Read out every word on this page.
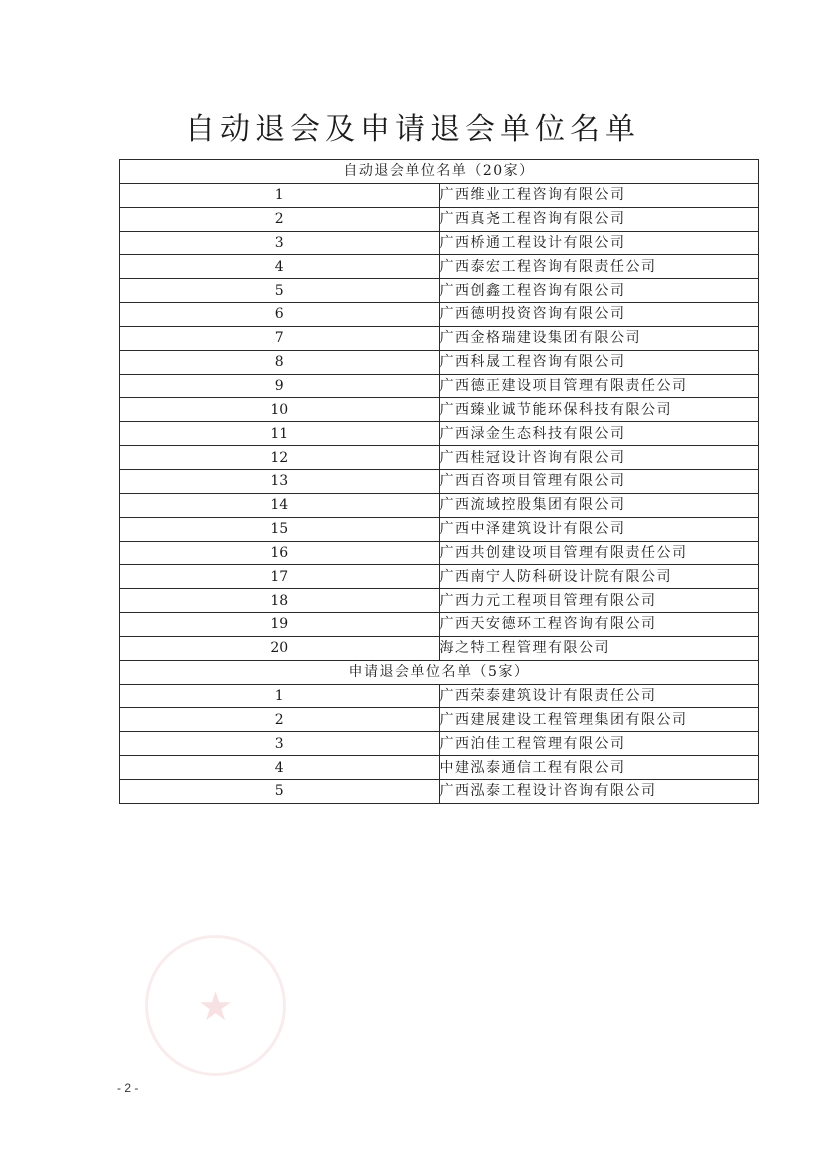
自动退会及申请退会单位名单
自动退会单位名单（20家）	
1	广西维业工程咨询有限公司
2	广西真尧工程咨询有限公司
3	广西桥通工程设计有限公司
4	广西泰宏工程咨询有限责任公司
5	广西创鑫工程咨询有限公司
6	广西德明投资咨询有限公司
7	广西金格瑞建设集团有限公司
8	广西科晟工程咨询有限公司
9	广西德正建设项目管理有限责任公司
10	广西臻业诚节能环保科技有限公司
11	广西渌金生态科技有限公司
12	广西桂冠设计咨询有限公司
13	广西百咨项目管理有限公司
14	广西流域控股集团有限公司
15	广西中泽建筑设计有限公司
16	广西共创建设项目管理有限责任公司
17	广西南宁人防科研设计院有限公司
18	广西力元工程项目管理有限公司
19	广西天安德环工程咨询有限公司
20	海之特工程管理有限公司
申请退会单位名单（5家）	
1	广西荣泰建筑设计有限责任公司
2	广西建展建设工程管理集团有限公司
3	广西泊佳工程管理有限公司
4	中建泓泰通信工程有限公司
5	广西泓泰工程设计咨询有限公司
★
- 2 -
